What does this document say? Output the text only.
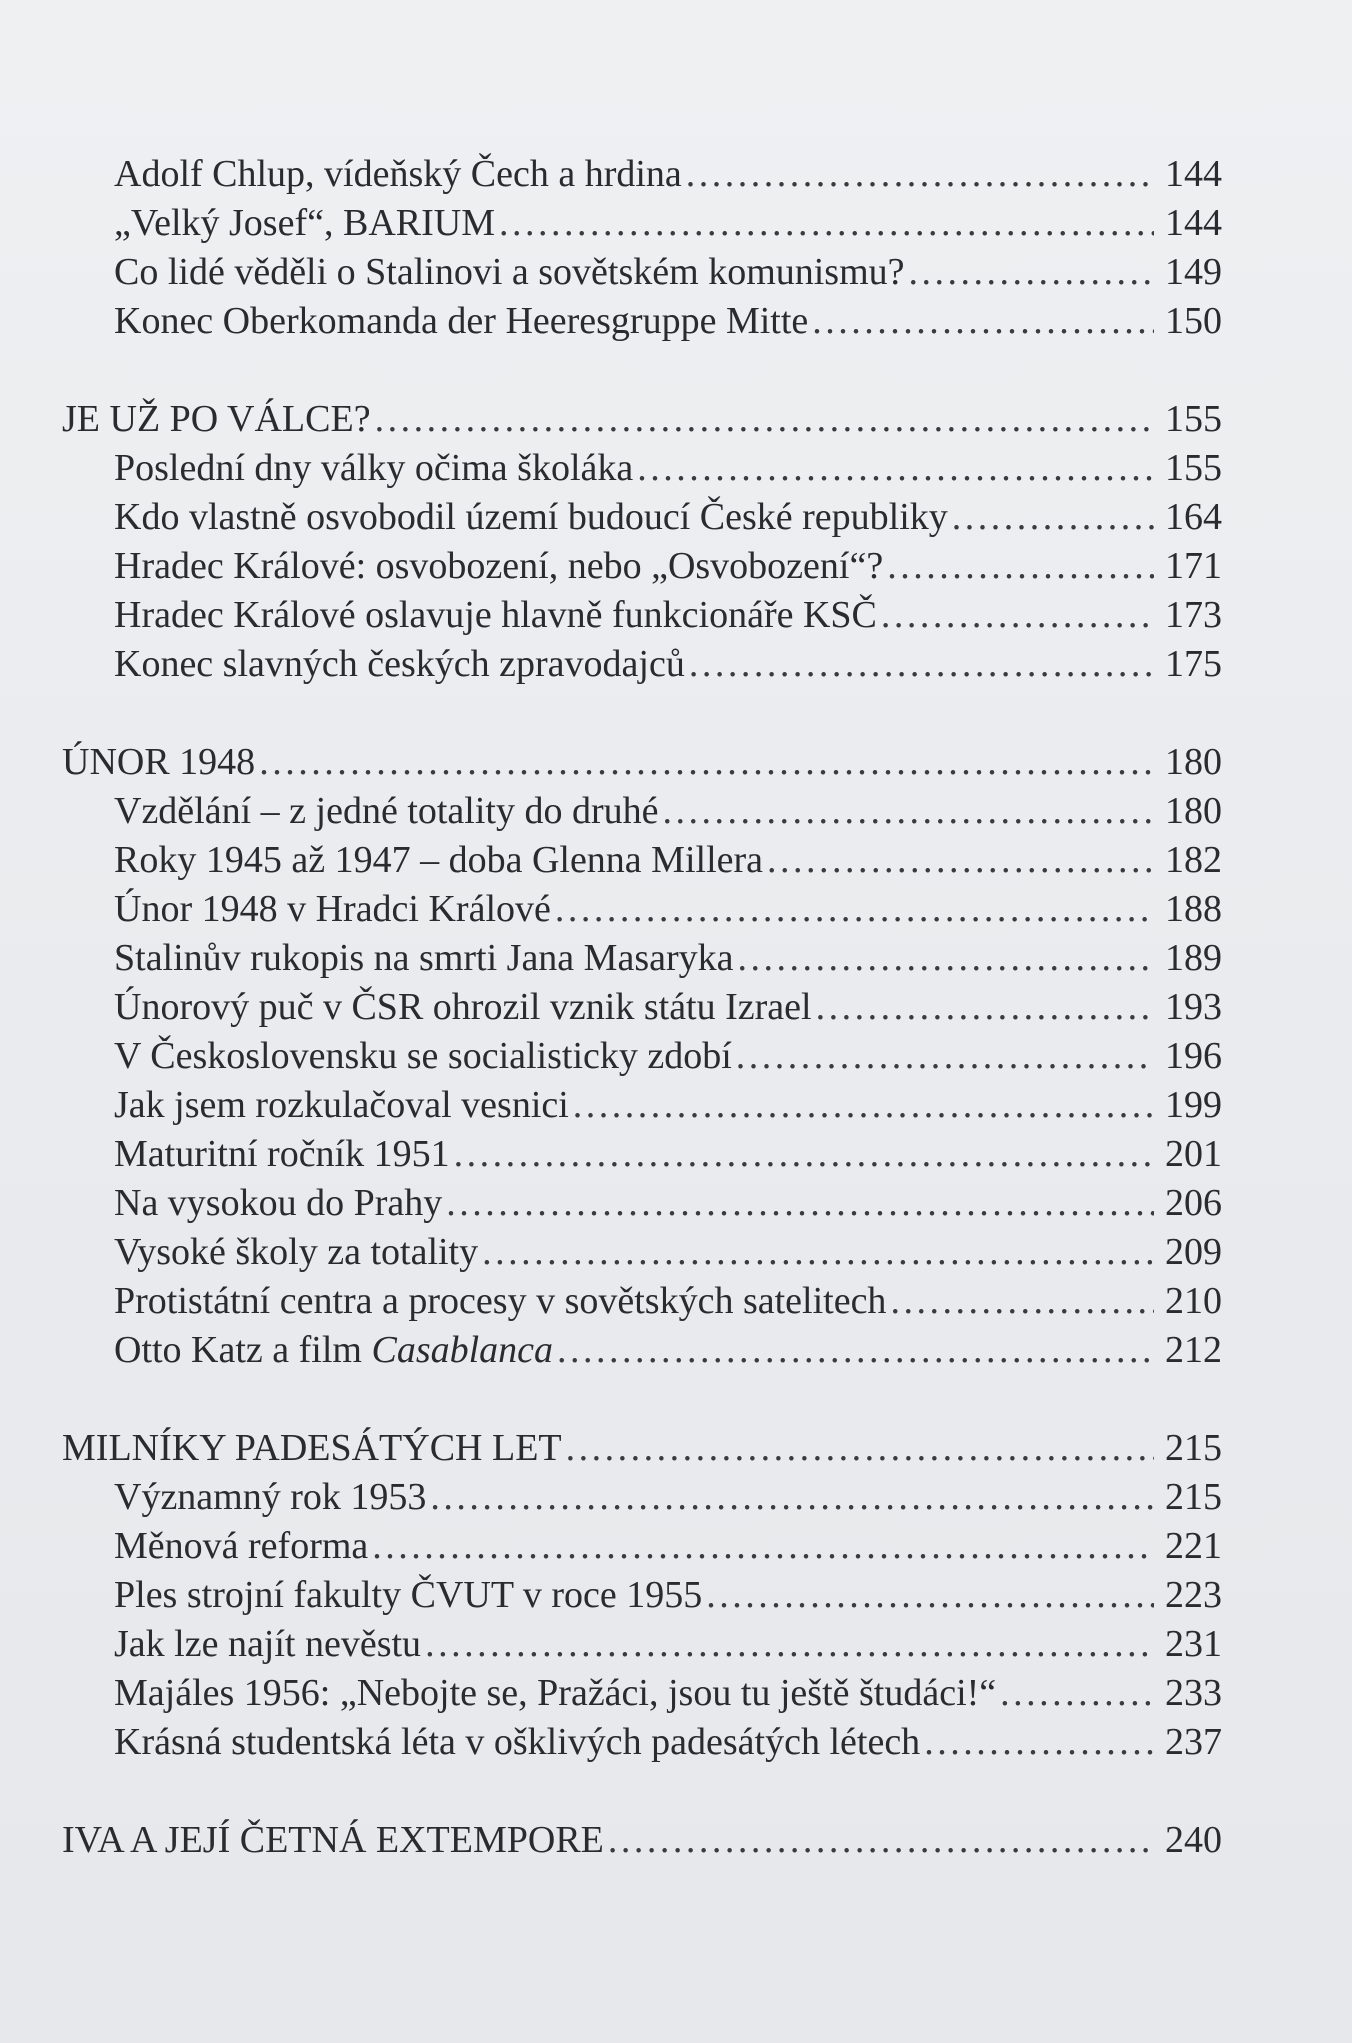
Adolf Chlup, vídeňský Čech a hrdina . . .	144
„Velký Josef“, BARIUM . . .	144
Co lidé věděli o Stalinovi a sovětském komunismu? . . .	149
Konec Oberkomanda der Heeresgruppe Mitte . . .	150
JE UŽ PO VÁLCE? . . .	155
Poslední dny války očima školáka . . .	155
Kdo vlastně osvobodil území budoucí České republiky . . .	164
Hradec Králové: osvobození, nebo „Osvobození“? . . .	171
Hradec Králové oslavuje hlavně funkcionáře KSČ . . .	173
Konec slavných českých zpravodajců . . .	175
ÚNOR 1948 . . .	180
Vzdělání – z jedné totality do druhé . . .	180
Roky 1945 až 1947 – doba Glenna Millera . . .	182
Únor 1948 v Hradci Králové . . .	188
Stalinův rukopis na smrti Jana Masaryka . . .	189
Únorový puč v ČSR ohrozil vznik státu Izrael . . .	193
V Československu se socialisticky zdobí . . .	196
Jak jsem rozkulačoval vesnici . . .	199
Maturitní ročník 1951 . . .	201
Na vysokou do Prahy . . .	206
Vysoké školy za totality . . .	209
Protistátní centra a procesy v sovětských satelitech . . .	210
Otto Katz a film Casablanca . . .	212
MILNÍKY PADESÁTÝCH LET . . .	215
Významný rok 1953 . . .	215
Měnová reforma . . .	221
Ples strojní fakulty ČVUT v roce 1955 . . .	223
Jak lze najít nevěstu . . .	231
Majáles 1956: „Nebojte se, Pražáci, jsou tu ještě študáci!“ . . .	233
Krásná studentská léta v ošklivých padesátých létech . . .	237
IVA A JEJÍ ČETNÁ EXTEMPORE . . .	240
